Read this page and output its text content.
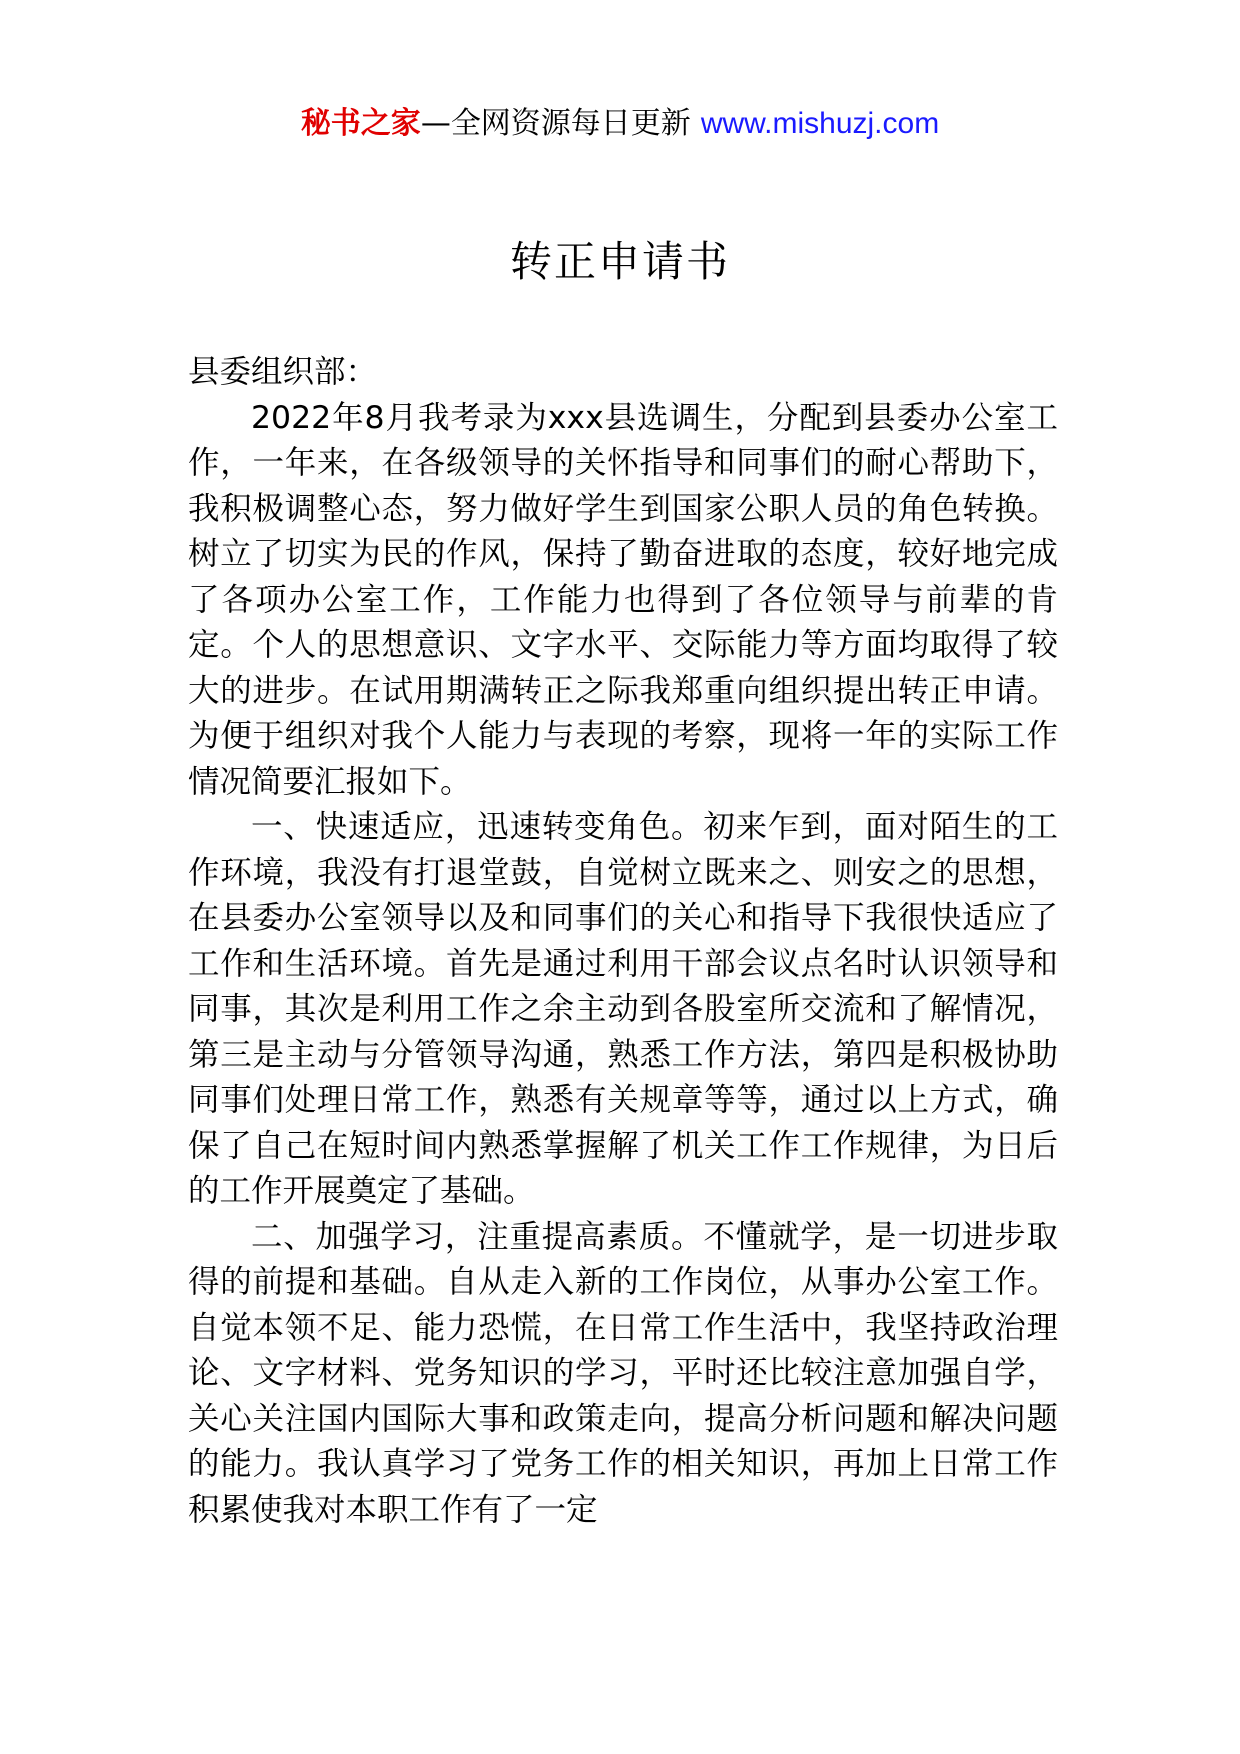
秘书之家—全网资源每日更新 www.mishuzj.com
转正申请书

县委组织部：

2022年8月我考录为xxx县选调生，分配到县委办公室工作，一年来，在各级领导的关怀指导和同事们的耐心帮助下，我积极调整心态，努力做好学生到国家公职人员的角色转换。树立了切实为民的作风，保持了勤奋进取的态度，较好地完成了各项办公室工作，工作能力也得到了各位领导与前辈的肯定。个人的思想意识、文字水平、交际能力等方面均取得了较大的进步。在试用期满转正之际我郑重向组织提出转正申请。为便于组织对我个人能力与表现的考察，现将一年的实际工作情况简要汇报如下。

一、快速适应，迅速转变角色。初来乍到，面对陌生的工作环境，我没有打退堂鼓，自觉树立既来之、则安之的思想，在县委办公室领导以及和同事们的关心和指导下我很快适应了工作和生活环境。首先是通过利用干部会议点名时认识领导和同事，其次是利用工作之余主动到各股室所交流和了解情况，第三是主动与分管领导沟通，熟悉工作方法，第四是积极协助同事们处理日常工作，熟悉有关规章等等，通过以上方式，确保了自己在短时间内熟悉掌握解了机关工作工作规律，为日后的工作开展奠定了基础。

二、加强学习，注重提高素质。不懂就学，是一切进步取得的前提和基础。自从走入新的工作岗位，从事办公室工作。自觉本领不足、能力恐慌，在日常工作生活中，我坚持政治理论、文字材料、党务知识的学习，平时还比较注意加强自学，关心关注国内国际大事和政策走向，提高分析问题和解决问题的能力。我认真学习了党务工作的相关知识，再加上日常工作积累使我对本职工作有了一定
